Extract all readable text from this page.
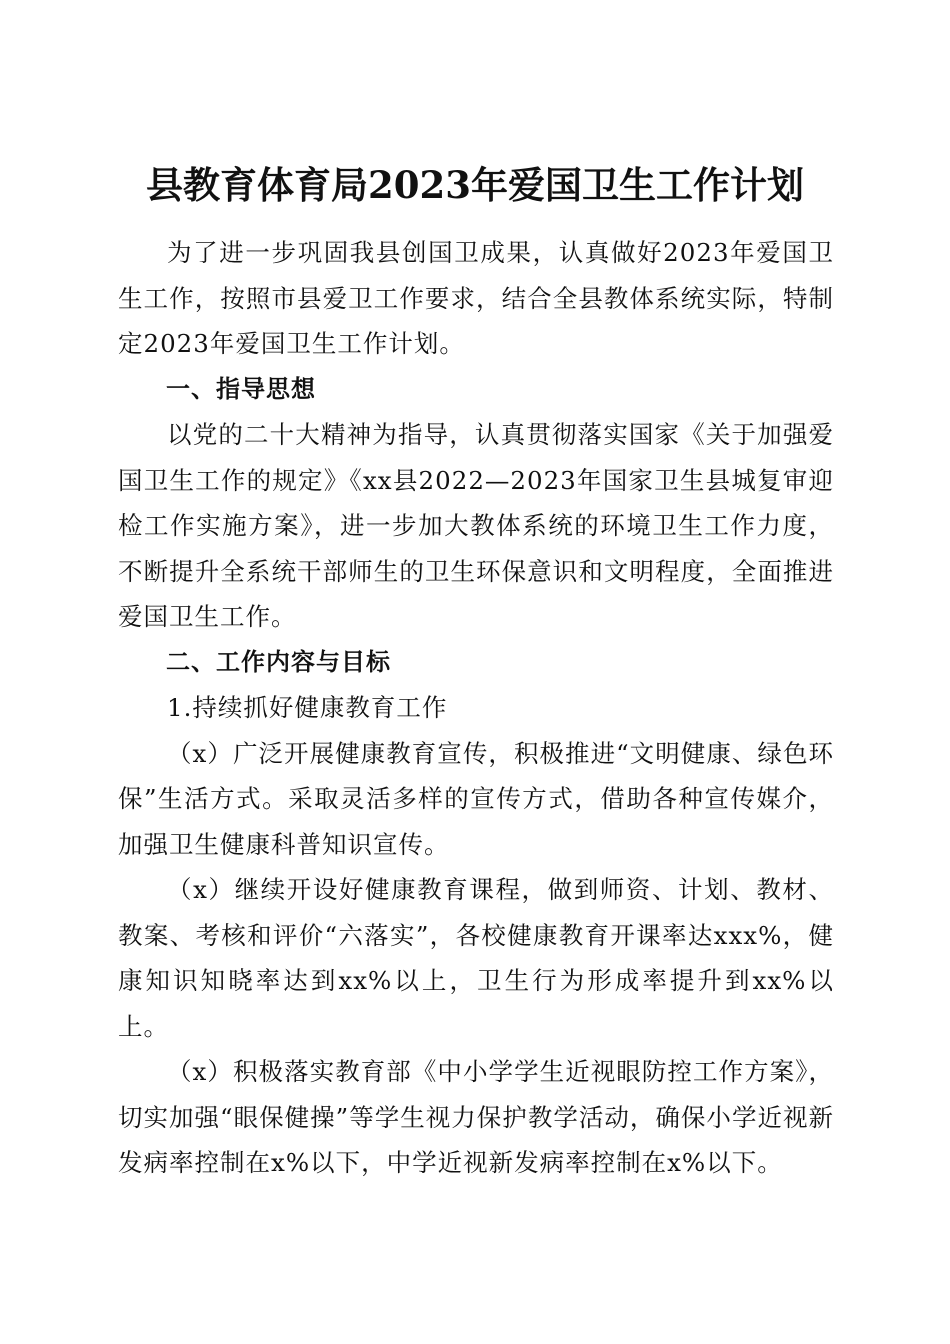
县教育体育局2023年爱国卫生工作计划

为了进一步巩固我县创国卫成果，认真做好2023年爱国卫生工作，按照市县爱卫工作要求，结合全县教体系统实际，特制定2023年爱国卫生工作计划。

一、指导思想

以党的二十大精神为指导，认真贯彻落实国家《关于加强爱国卫生工作的规定》《xx县2022—2023年国家卫生县城复审迎检工作实施方案》，进一步加大教体系统的环境卫生工作力度，不断提升全系统干部师生的卫生环保意识和文明程度，全面推进爱国卫生工作。

二、工作内容与目标

1.持续抓好健康教育工作

（x）广泛开展健康教育宣传，积极推进“文明健康、绿色环保”生活方式。采取灵活多样的宣传方式，借助各种宣传媒介，加强卫生健康科普知识宣传。

（x）继续开设好健康教育课程，做到师资、计划、教材、教案、考核和评价“六落实”，各校健康教育开课率达xxx%，健康知识知晓率达到xx%以上，卫生行为形成率提升到xx%以上。

（x）积极落实教育部《中小学学生近视眼防控工作方案》，切实加强“眼保健操”等学生视力保护教学活动，确保小学近视新发病率控制在x%以下，中学近视新发病率控制在x%以下。
